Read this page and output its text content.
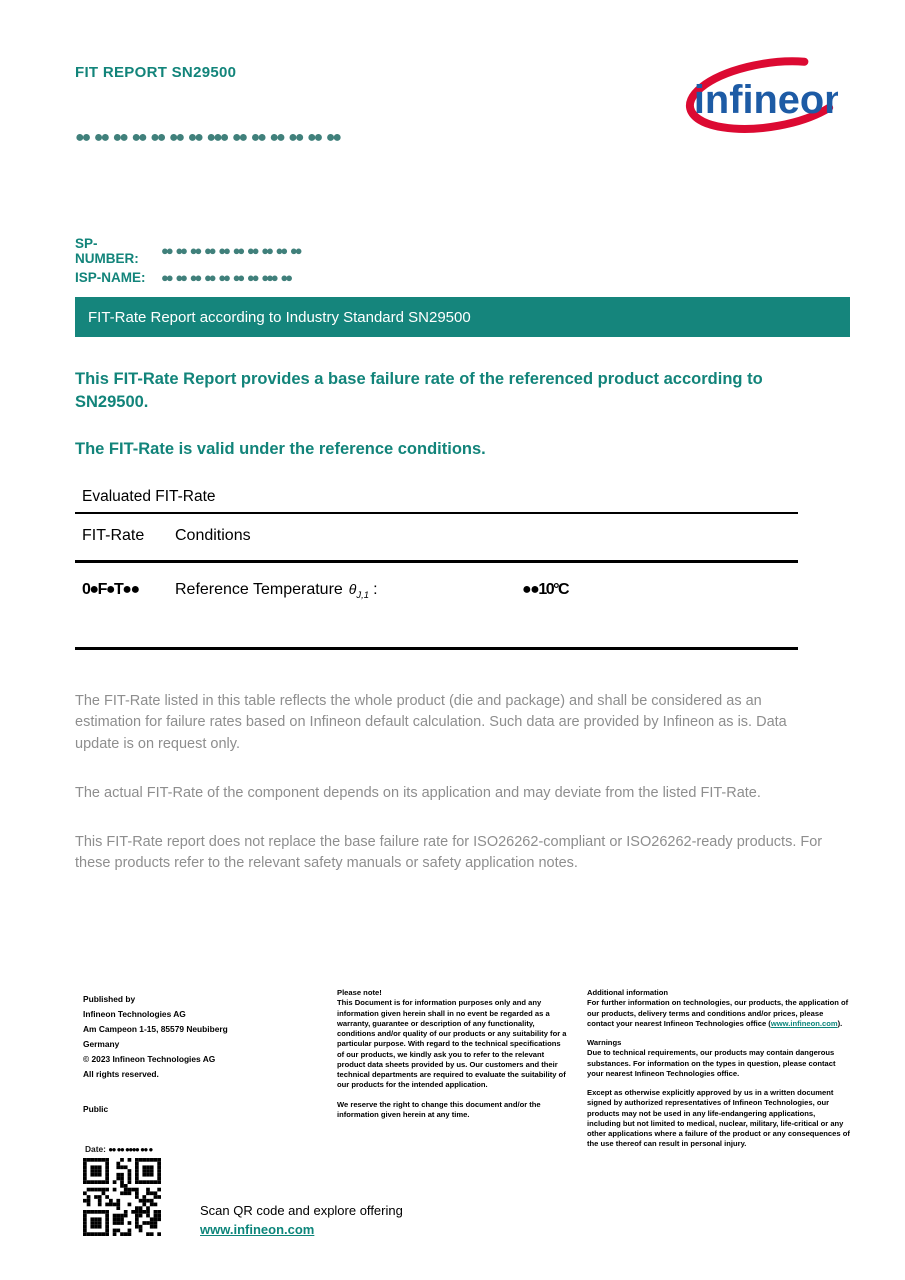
FIT REPORT SN29500
infineon
●● ●● ●● ●● ●● ●● ●● ●●● ●● ●● ●● ●● ●● ●●
SP-NUMBER:	●● ●● ●● ●● ●● ●● ●● ●● ●● ●●
ISP-NAME:	●● ●● ●● ●● ●● ●● ●● ●●● ●●
FIT-Rate Report according to Industry Standard SN29500
This FIT-Rate Report provides a base failure rate of the referenced product according to SN29500.
The FIT-Rate is valid under the reference conditions.
Evaluated FIT-Rate
FIT-Rate	Conditions
0●F●T●●	Reference Temperature $\theta_{J,1}$ :	●●10°C

The FIT-Rate listed in this table reflects the whole product (die and package) and shall be considered as an estimation for failure rates based on Infineon default calculation. Such data are provided by Infineon as is. Data update is on request only.

The actual FIT-Rate of the component depends on its application and may deviate from the listed FIT-Rate.

This FIT-Rate report does not replace the base failure rate for ISO26262-compliant or ISO26262-ready products. For these products refer to the relevant safety manuals or safety application notes.

Published by
Infineon Technologies AG
Am Campeon 1-15, 85579 Neubiberg
Germany
© 2023 Infineon Technologies AG
All rights reserved.
Public
Please note!
This Document is for information purposes only and any information given herein shall in no event be regarded as a warranty, guarantee or description of any functionality, conditions and/or quality of our products or any suitability for a particular purpose. With regard to the technical specifications of our products, we kindly ask you to refer to the relevant product data sheets provided by us. Our customers and their technical departments are required to evaluate the suitability of our products for the intended application.
We reserve the right to change this document and/or the information given herein at any time.
Additional information
For further information on technologies, our products, the application of our products, delivery terms and conditions and/or prices, please contact your nearest Infineon Technologies office (www.infineon.com).
Warnings
Due to technical requirements, our products may contain dangerous substances. For information on the types in question, please contact your nearest Infineon Technologies office.
Except as otherwise explicitly approved by us in a written document signed by authorized representatives of Infineon Technologies, our products may not be used in any life-endangering applications, including but not limited to medical, nuclear, military, life-critical or any other applications where a failure of the product or any consequences of the use thereof can result in personal injury.
Date: ●● ●● ●●●● ●● ●
Scan QR code and explore offering
www.infineon.com
